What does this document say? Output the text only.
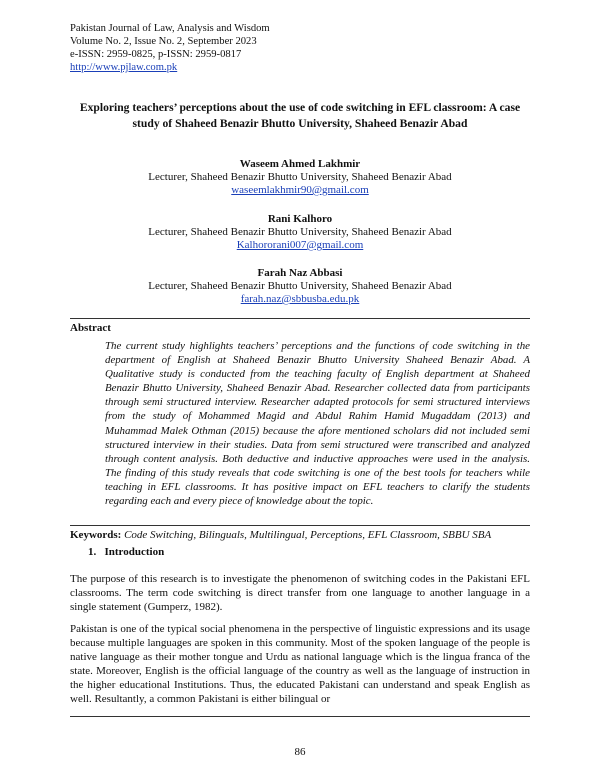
Pakistan Journal of Law, Analysis and Wisdom
Volume No. 2, Issue No. 2, September 2023
e-ISSN: 2959-0825, p-ISSN: 2959-0817
http://www.pjlaw.com.pk
Exploring teachers’ perceptions about the use of code switching in EFL classroom: A case
study of Shaheed Benazir Bhutto University, Shaheed Benazir Abad
Waseem Ahmed Lakhmir
Lecturer, Shaheed Benazir Bhutto University, Shaheed Benazir Abad
waseemlakhmir90@gmail.com
Rani Kalhoro
Lecturer, Shaheed Benazir Bhutto University, Shaheed Benazir Abad
Kalhororani007@gmail.com
Farah Naz Abbasi
Lecturer, Shaheed Benazir Bhutto University, Shaheed Benazir Abad
farah.naz@sbbusba.edu.pk
Abstract
The current study highlights teachers’ perceptions and the functions of code switching in the department of English at Shaheed Benazir Bhutto University Shaheed Benazir Abad. A Qualitative study is conducted from the teaching faculty of English department at Shaheed Benazir Bhutto University, Shaheed Benazir Abad. Researcher collected data from participants through semi structured interview. Researcher adapted protocols for semi structured interviews from the study of Mohammed Magid and Abdul Rahim Hamid Mugaddam (2013) and Muhammad Malek Othman (2015) because the afore mentioned scholars did not included semi structured interview in their studies. Data from semi structured were transcribed and analyzed through content analysis. Both deductive and inductive approaches were used in the analysis. The finding of this study reveals that code switching is one of the best tools for teachers while teaching in EFL classrooms. It has positive impact on EFL teachers to clarify the students regarding each and every piece of knowledge about the topic.
Keywords: Code Switching, Bilinguals, Multilingual, Perceptions, EFL Classroom, SBBU SBA
1.   Introduction
The purpose of this research is to investigate the phenomenon of switching codes in the Pakistani EFL classrooms. The term code switching is direct transfer from one language to another language in a single statement (Gumperz, 1982).
Pakistan is one of the typical social phenomena in the perspective of linguistic expressions and its usage because multiple languages are spoken in this community. Most of the spoken language of the people is native language as their mother tongue and Urdu as national language which is the lingua franca of the state. Moreover, English is the official language of the country as well as the language of instruction in the higher educational Institutions. Thus, the educated Pakistani can understand and speak English as well. Resultantly, a common Pakistani is either bilingual or
86
